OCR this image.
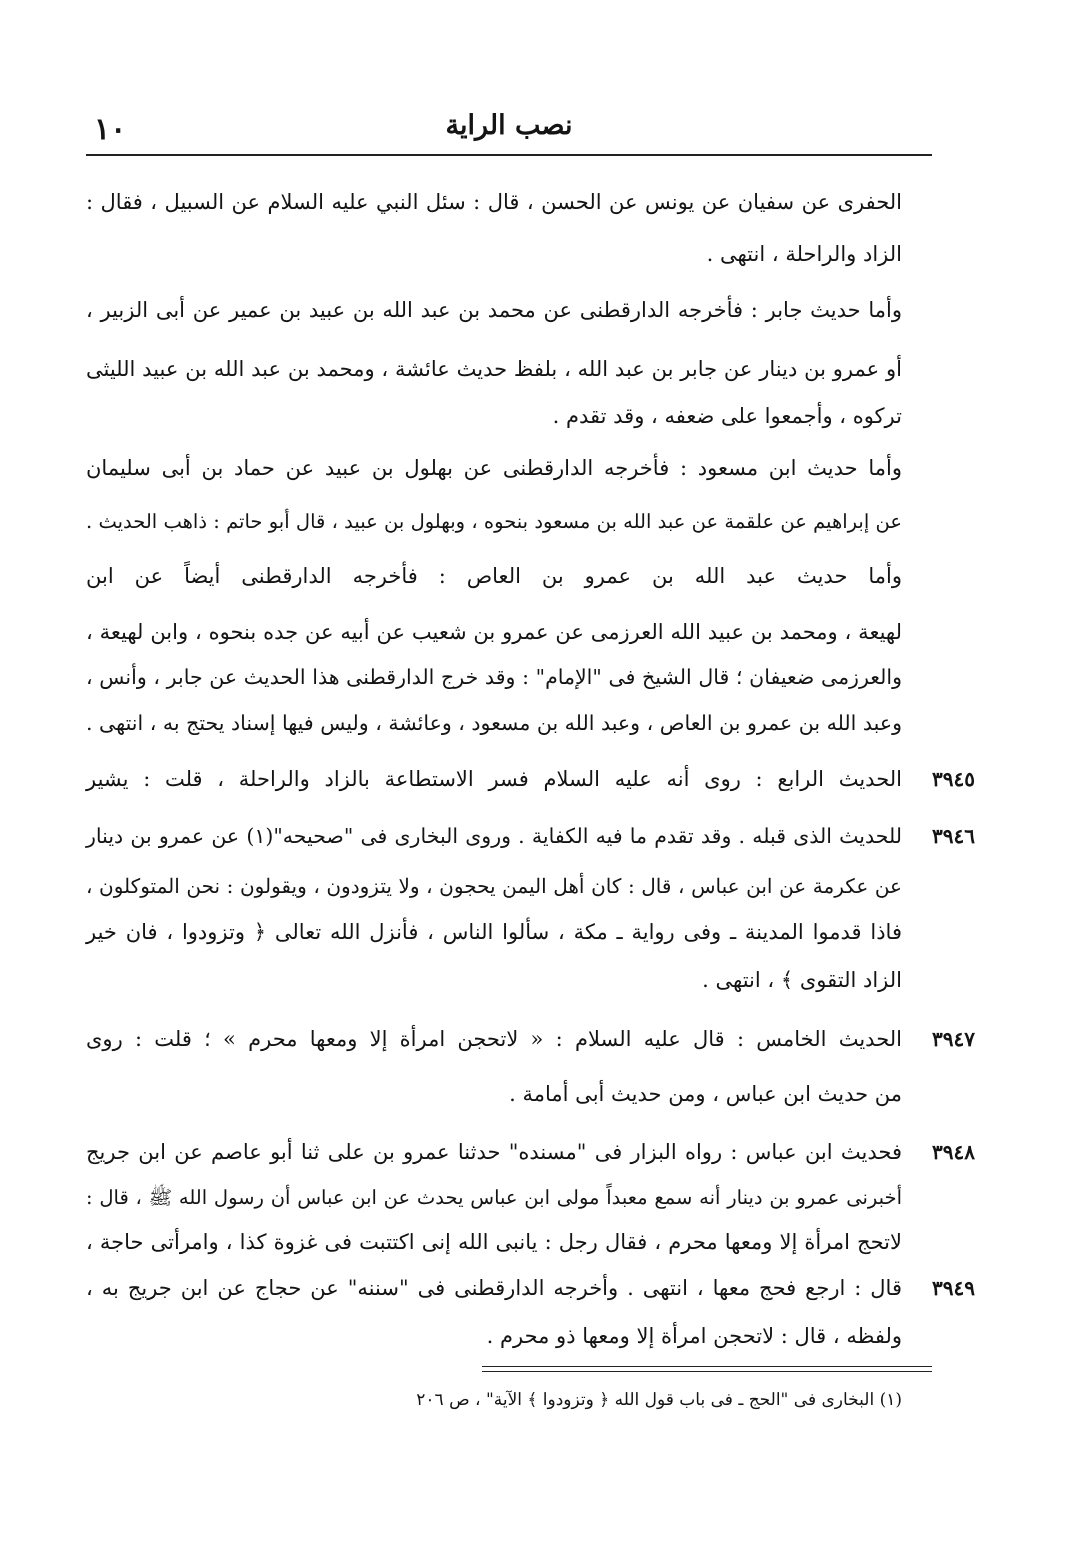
١٠	نصب الراية
الحفرى عن سفيان عن يونس عن الحسن ، قال : سئل النبي عليه السلام عن السبيل ، فقال :
الزاد والراحلة ، انتهى .
وأما حديث جابر : فأخرجه الدارقطنى عن محمد بن عبد الله بن عبيد بن عمير عن أبى الزبير ،
أو عمرو بن دينار عن جابر بن عبد الله ، بلفظ حديث عائشة ، ومحمد بن عبد الله بن عبيد الليثى
تركوه ، وأجمعوا على ضعفه ، وقد تقدم .
وأما حديث ابن مسعود : فأخرجه الدارقطنى عن بهلول بن عبيد عن حماد بن أبى سليمان
عن إبراهيم عن علقمة عن عبد الله بن مسعود بنحوه ، وبهلول بن عبيد ، قال أبو حاتم : ذاهب الحديث .
وأما حديث عبد الله بن عمرو بن العاص : فأخرجه الدارقطنى أيضاً عن ابن
لهيعة ، ومحمد بن عبيد الله العرزمى عن عمرو بن شعيب عن أبيه عن جده بنحوه ، وابن لهيعة ،
والعرزمى ضعيفان ؛ قال الشيخ فى "الإمام" : وقد خرج الدارقطنى هذا الحديث عن جابر ، وأنس ،
وعبد الله بن عمرو بن العاص ، وعبد الله بن مسعود ، وعائشة ، وليس فيها إسناد يحتج به ، انتهى .
٣٩٤٥
الحديث الرابع : روى أنه عليه السلام فسر الاستطاعة بالزاد والراحلة ، قلت : يشير
٣٩٤٦
للحديث الذى قبله . وقد تقدم ما فيه الكفاية . وروى البخارى فى "صحيحه"(١) عن عمرو بن دينار
عن عكرمة عن ابن عباس ، قال : كان أهل اليمن يحجون ، ولا يتزودون ، ويقولون : نحن المتوكلون ،
فاذا قدموا المدينة ـ وفى رواية ـ مكة ، سألوا الناس ، فأنزل الله تعالى ﴿ وتزودوا ، فان خير
الزاد التقوى ﴾ ، انتهى .
٣٩٤٧
الحديث الخامس : قال عليه السلام : « لاتحجن امرأة إلا ومعها محرم » ؛ قلت : روى
من حديث ابن عباس ، ومن حديث أبى أمامة .
٣٩٤٨
فحديث ابن عباس : رواه البزار فى "مسنده" حدثنا عمرو بن على ثنا أبو عاصم عن ابن جريج
أخبرنى عمرو بن دينار أنه سمع معبداً مولى ابن عباس يحدث عن ابن عباس أن رسول الله ﷺ ، قال :
لاتحج امرأة إلا ومعها محرم ، فقال رجل : يانبى الله إنى اكتتبت فى غزوة كذا ، وامرأتى حاجة ،
٣٩٤٩
قال : ارجع فحج معها ، انتهى . وأخرجه الدارقطنى فى "سننه" عن حجاج عن ابن جريج به ،
ولفظه ، قال : لاتحجن امرأة إلا ومعها ذو محرم .
(١) البخارى فى "الحج ـ فى باب قول الله ﴿ وتزودوا ﴾ الآية" ، ص ٢٠٦
